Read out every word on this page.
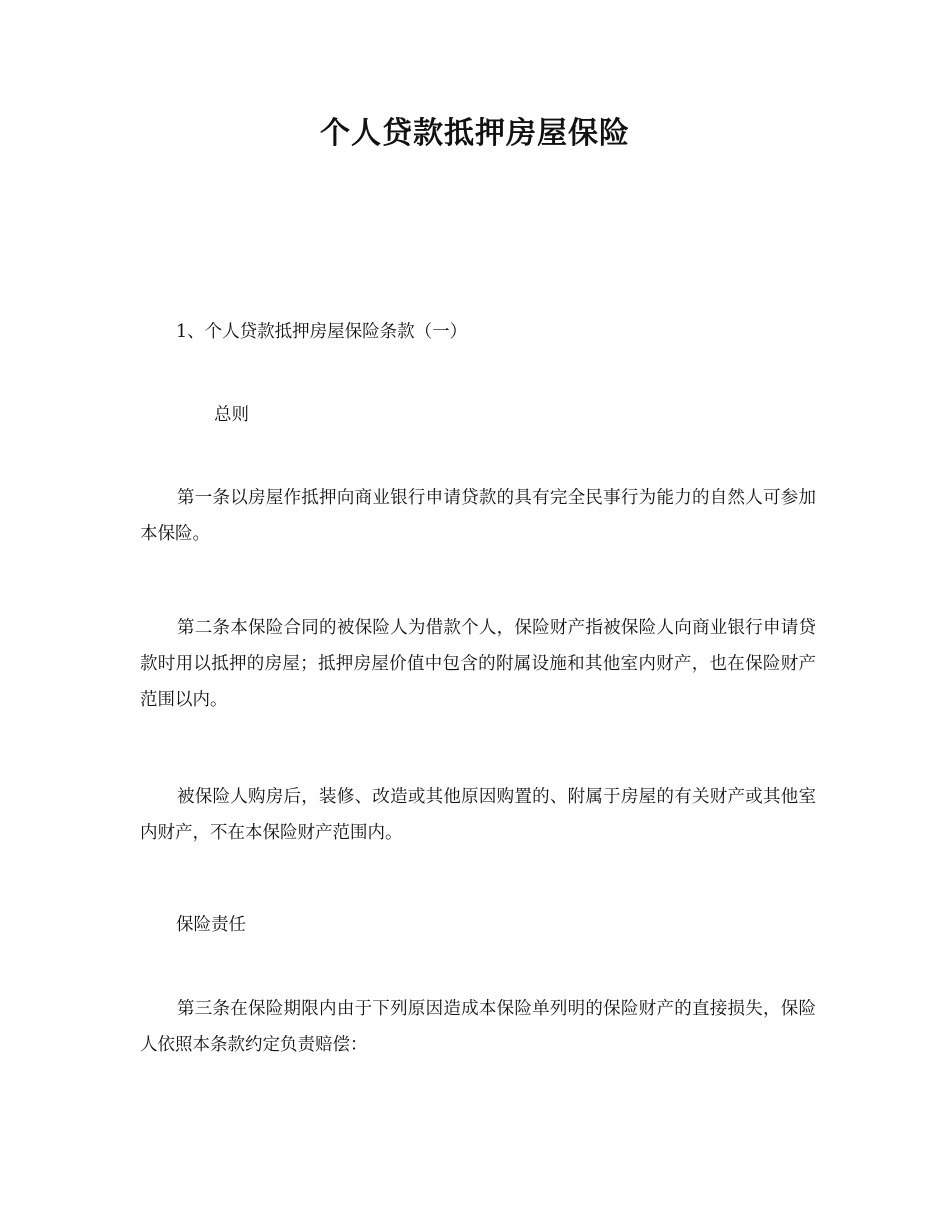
个人贷款抵押房屋保险

1、个人贷款抵押房屋保险条款（一）

总则

第一条以房屋作抵押向商业银行申请贷款的具有完全民事行为能力的自然人可参加本保险。

第二条本保险合同的被保险人为借款个人，保险财产指被保险人向商业银行申请贷款时用以抵押的房屋；抵押房屋价值中包含的附属设施和其他室内财产，也在保险财产范围以内。

被保险人购房后，装修、改造或其他原因购置的、附属于房屋的有关财产或其他室内财产，不在本保险财产范围内。

保险责任

第三条在保险期限内由于下列原因造成本保险单列明的保险财产的直接损失，保险人依照本条款约定负责赔偿：
